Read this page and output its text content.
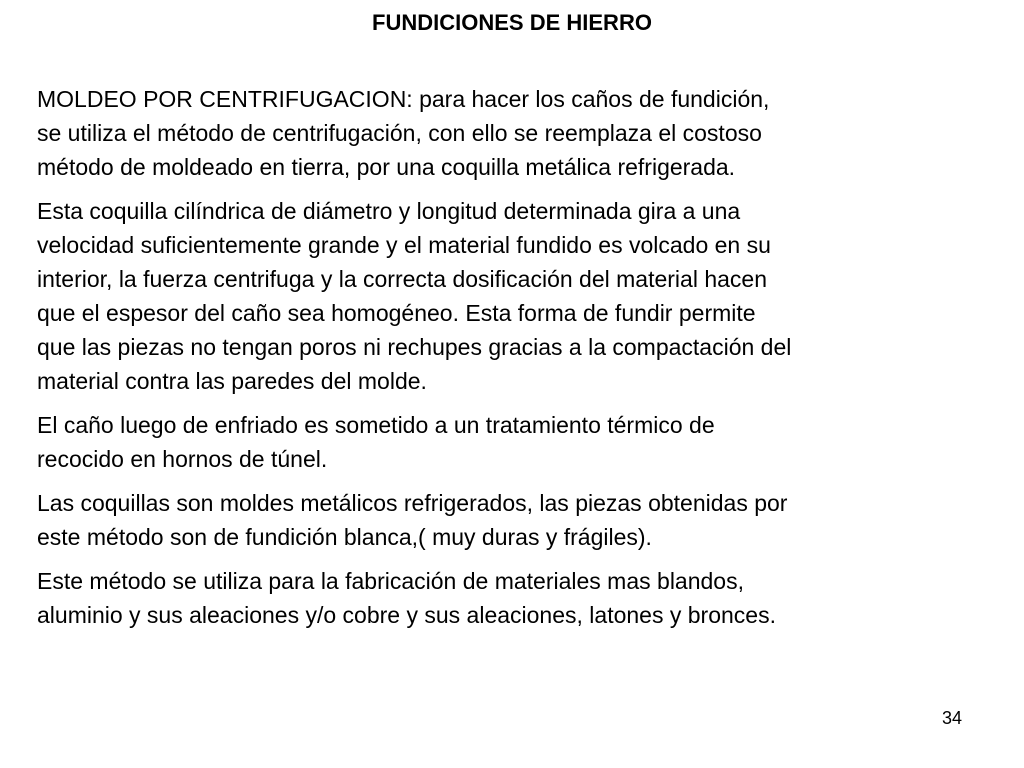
FUNDICIONES DE HIERRO

MOLDEO POR CENTRIFUGACION: para hacer los caños de fundición,
se utiliza el método de centrifugación, con ello se reemplaza el costoso
método de moldeado en tierra, por una coquilla metálica refrigerada.

Esta coquilla cilíndrica de diámetro y longitud determinada gira a una
velocidad suficientemente grande y el material fundido es volcado en su
interior, la fuerza centrifuga y la correcta dosificación del material hacen
que el espesor del caño sea homogéneo. Esta forma de fundir permite
que las piezas no tengan poros ni rechupes gracias a la compactación del
material contra las paredes del molde.

El caño luego de enfriado es sometido a un tratamiento térmico de
recocido en hornos de túnel.

Las coquillas son moldes metálicos refrigerados, las piezas obtenidas por
este método son de fundición blanca,( muy duras y frágiles).

Este método se utiliza para la fabricación de materiales mas blandos,
aluminio y sus aleaciones y/o cobre y sus aleaciones, latones y bronces.

34
